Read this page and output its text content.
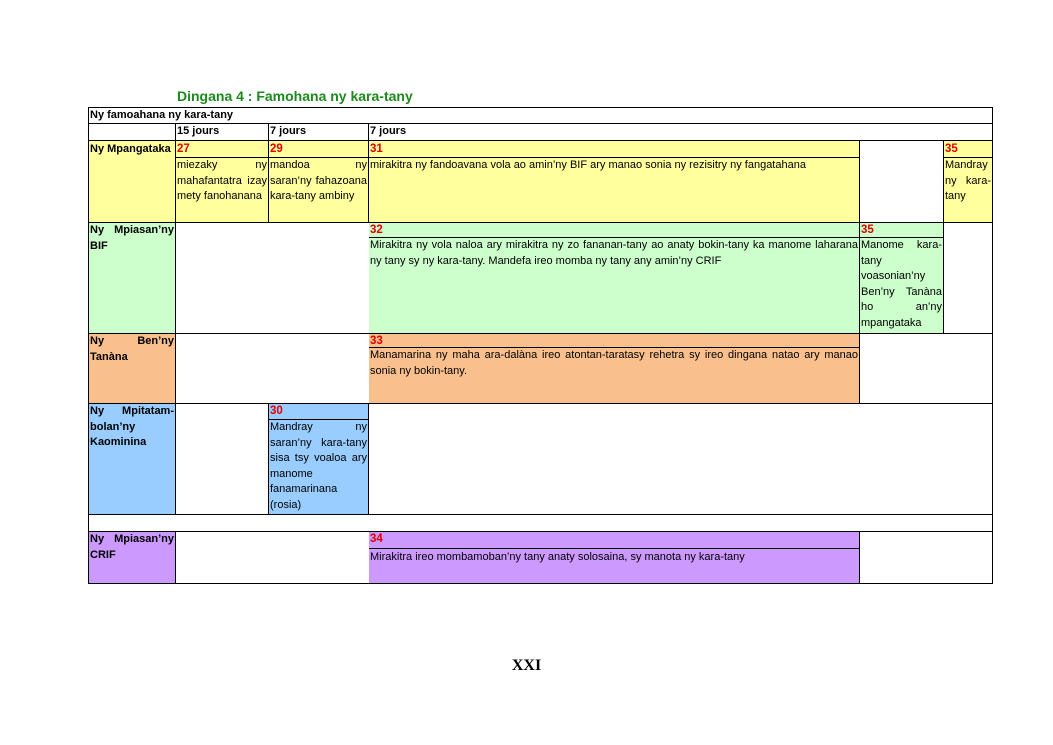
Dingana 4 : Famohana ny kara-tany
Ny famoahana ny kara-tany
15 jours	7 jours	7 jours
Ny Mpangataka 27
miezaky ny mahafantatra izay mety fanohanana
29
mandoa ny saran’ny fahazoana kara-tany ambiny
31
mirakitra ny fandoavana vola ao amin’ny BIF ary manao sonia ny rezisitry ny fangatahana
35
Mandray ny kara-tany
Ny Mpiasan’ny BIF
32
Mirakitra ny vola naloa ary mirakitra ny zo fananan-tany ao anaty bokin-tany ka manome laharana ny tany sy ny kara-tany. Mandefa ireo momba ny tany any amin’ny CRIF
35
Manome kara-tany voasonian’ny Ben’ny Tanàna ho an’ny mpangataka
Ny Ben’ny Tanàna
33
Manamarina ny maha ara-dalàna ireo atontan-taratasy rehetra sy ireo dingana natao ary manao sonia ny bokin-tany.
Ny Mpitatam-bolan’ny Kaominina
30
Mandray ny saran’ny kara-tany sisa tsy voaloa ary manome fanamarinana (rosia)
Ny Mpiasan’ny CRIF
34
Mirakitra ireo mombamoban’ny tany anaty solosaina, sy manota ny kara-tany
XXI
